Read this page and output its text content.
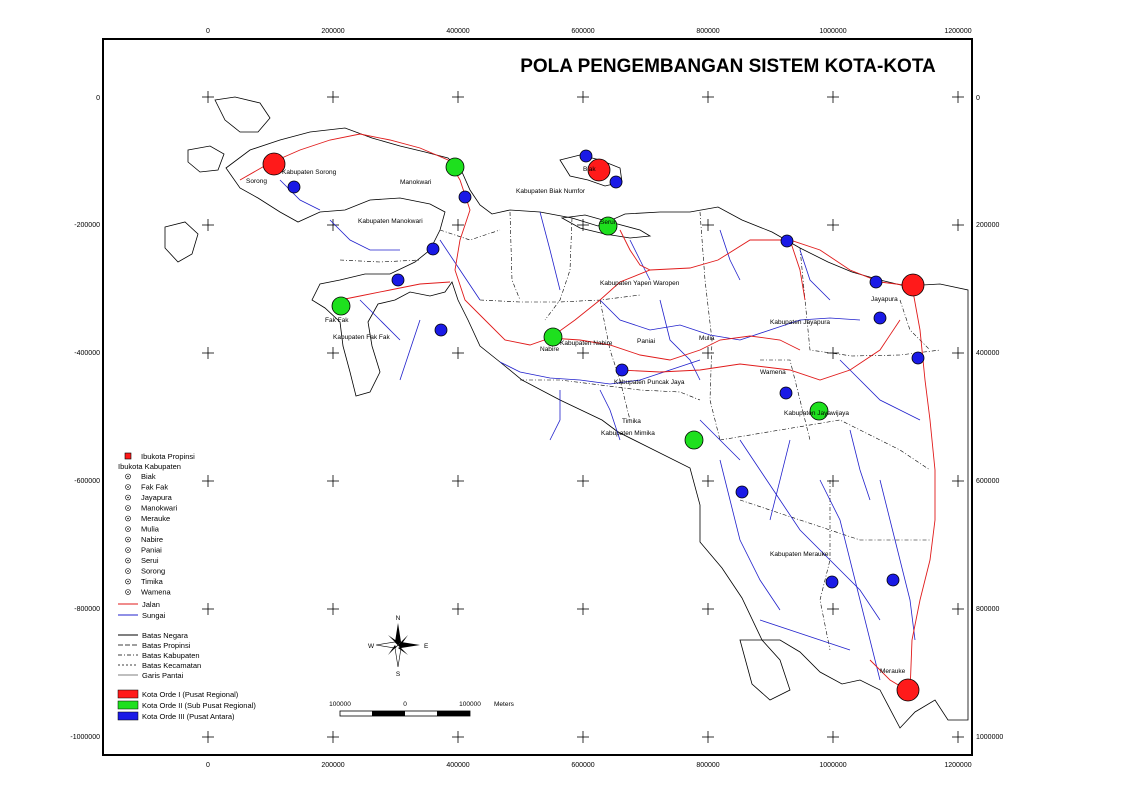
0	200000	400000	600000	800000	1000000	1200000
0	200000	400000	600000	800000	1000000	1200000
0
-200000
-400000
-600000
-800000
-1000000
0
200000
400000
600000
800000
1000000
POLA PENGEMBANGAN SISTEM KOTA-KOTA
Sorong
Kabupaten Sorong
Manokwari
Kabupaten Manokwari
Biak
Kabupaten Biak Numfor
Serui
Kabupaten Yapen Waropen
Jayapura
Kabupaten Jayapura
Fak Fak
Kabupaten Fak Fak
Nabire
Kabupaten Nabire	Paniai	Mulia
Kabupaten Puncak Jaya
Wamena
Kabupaten Jayawijaya
Timika
Kabupaten Mimika
Kabupaten Merauke
Merauke
Ibukota Propinsi
Ibukota Kabupaten
Biak
Fak Fak
Jayapura
Manokwari
Merauke
Mulia
Nabire
Paniai
Serui
Sorong
Timika
Wamena
Jalan
Sungai
Batas Negara
Batas Propinsi
Batas Kabupaten
Batas Kecamatan
Garis Pantai
Kota Orde I (Pusat Regional)
Kota Orde II (Sub Pusat Regional)
Kota Orde III (Pusat Antara)
N
S
E
W
100000	0	100000 Meters
